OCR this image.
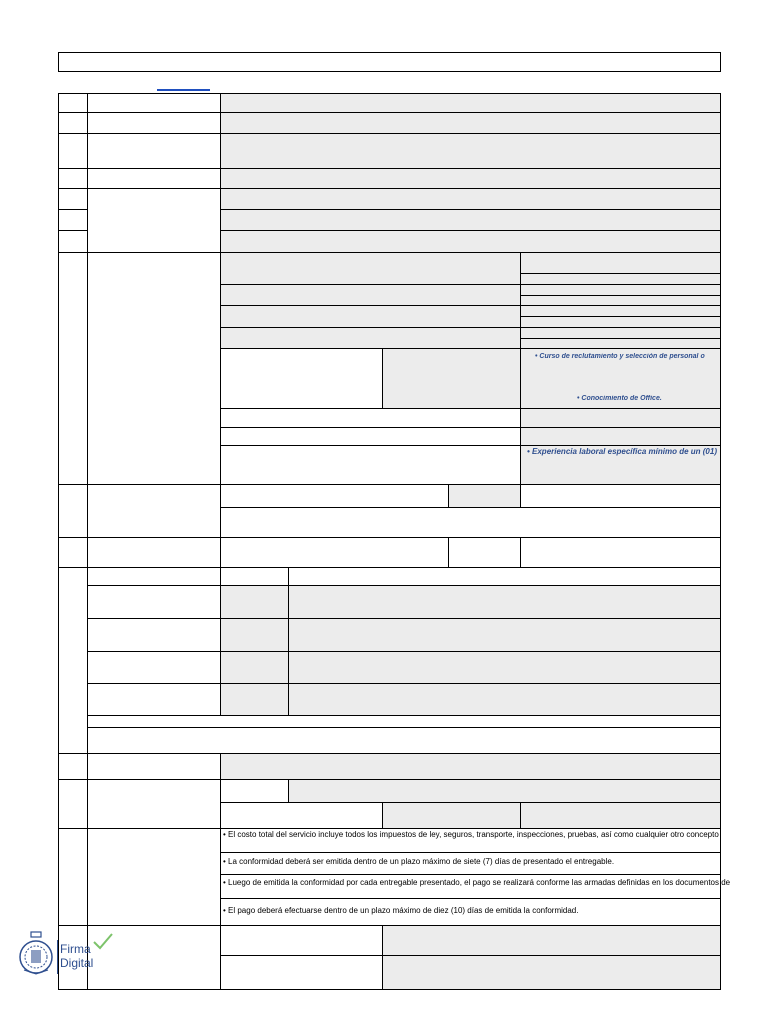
• Curso de reclutamiento y selección de personal o
• Conocimiento de Office.
• Experiencia laboral específica mínimo de un (01)
• El costo total del servicio incluye todos los impuestos de ley, seguros, transporte, inspecciones, pruebas, así como cualquier otro concepto
• La conformidad deberá ser emitida dentro de un plazo máximo de siete (7) días de presentado el entregable.
• Luego de emitida la conformidad por cada entregable presentado, el pago se realizará conforme las armadas definidas en los documentos de
• El pago deberá efectuarse dentro de un plazo máximo de diez (10) días de emitida la conformidad.
Firma
Digital
